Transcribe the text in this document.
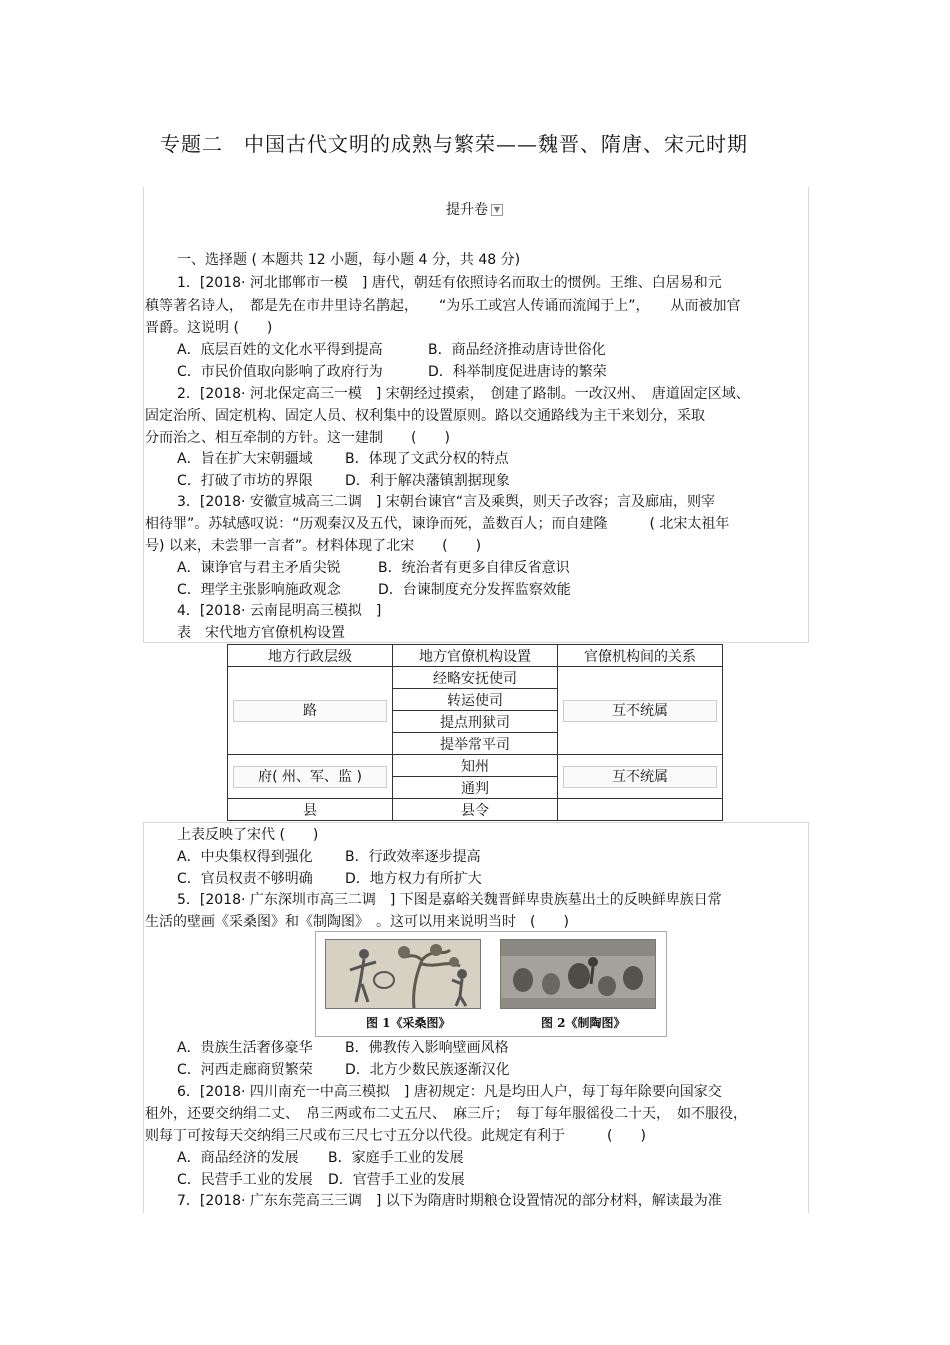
专题二　中国古代文明的成熟与繁荣——魏晋、隋唐、宋元时期
提升卷 ▼
一、选择题 ( 本题共 12 小题，每小题 4 分，共 48 分)
1．[2018· 河北邯郸市一模　] 唐代，朝廷有依照诗名而取士的惯例。王维、白居易和元
稹等著名诗人，　都是先在市井里诗名鹊起，　　“为乐工或宫人传诵而流闻于上”，　　从而被加官
晋爵。这说明 (　　)
A．底层百姓的文化水平得到提高	B．商品经济推动唐诗世俗化
C．市民价值取向影响了政府行为	D．科举制度促进唐诗的繁荣
2．[2018· 河北保定高三一模　] 宋朝经过摸索，　创建了路制。一改汉州、　唐道固定区域、
固定治所、固定机构、固定人员、权利集中的设置原则。路以交通路线为主干来划分，采取
分而治之、相互牵制的方针。这一建制　　(　　)
A．旨在扩大宋朝疆域 B．体现了文武分权的特点
C．打破了市坊的界限 D．利于解决藩镇割据现象
3．[2018· 安徽宣城高三二调　] 宋朝台谏官“言及乘舆，则天子改容；言及廊庙，则宰
相待罪”。苏轼感叹说：“历观秦汉及五代，谏诤而死，盖数百人；而自建隆　　　( 北宋太祖年
号) 以来，未尝罪一言者”。材料体现了北宋　　(　　)
A．谏诤官与君主矛盾尖锐	B．统治者有更多自律反省意识
C．理学主张影响施政观念	D．台谏制度充分发挥监察效能
4．[2018· 云南昆明高三模拟　]
表　宋代地方官僚机构设置
地方行政层级	地方官僚机构设置	官僚机构间的关系
路	经略安抚使司	互不统属
	转运使司	
	提点刑狱司	
	提举常平司	
府( 州、军、监 )	知州	互不统属
	通判	
县	县令	
上表反映了宋代 (　　)
A．中央集权得到强化 B．行政效率逐步提高
C．官员权责不够明确 D．地方权力有所扩大
5．[2018· 广东深圳市高三二调　] 下图是嘉峪关魏晋鲜卑贵族墓出土的反映鲜卑族日常
生活的壁画《采桑图》和《制陶图》　。这可以用来说明当时　(　　)
图 1《采桑图》	图 2《制陶图》
A．贵族生活奢侈豪华 B．佛教传入影响壁画风格
C．河西走廊商贸繁荣 D．北方少数民族逐渐汉化
6．[2018· 四川南充一中高三模拟　] 唐初规定：凡是均田人户，每丁每年除要向国家交
租外，还要交纳绢二丈、　帛三两或布二丈五尺、　麻三斤；　每丁每年服徭役二十天，　如不服役，
则每丁可按每天交纳绢三尺或布三尺七寸五分以代役。此规定有利于　　　(　　)
A．商品经济的发展 B．家庭手工业的发展
C．民营手工业的发展 D．官营手工业的发展
7．[2018· 广东东莞高三三调　] 以下为隋唐时期粮仓设置情况的部分材料，解读最为准
